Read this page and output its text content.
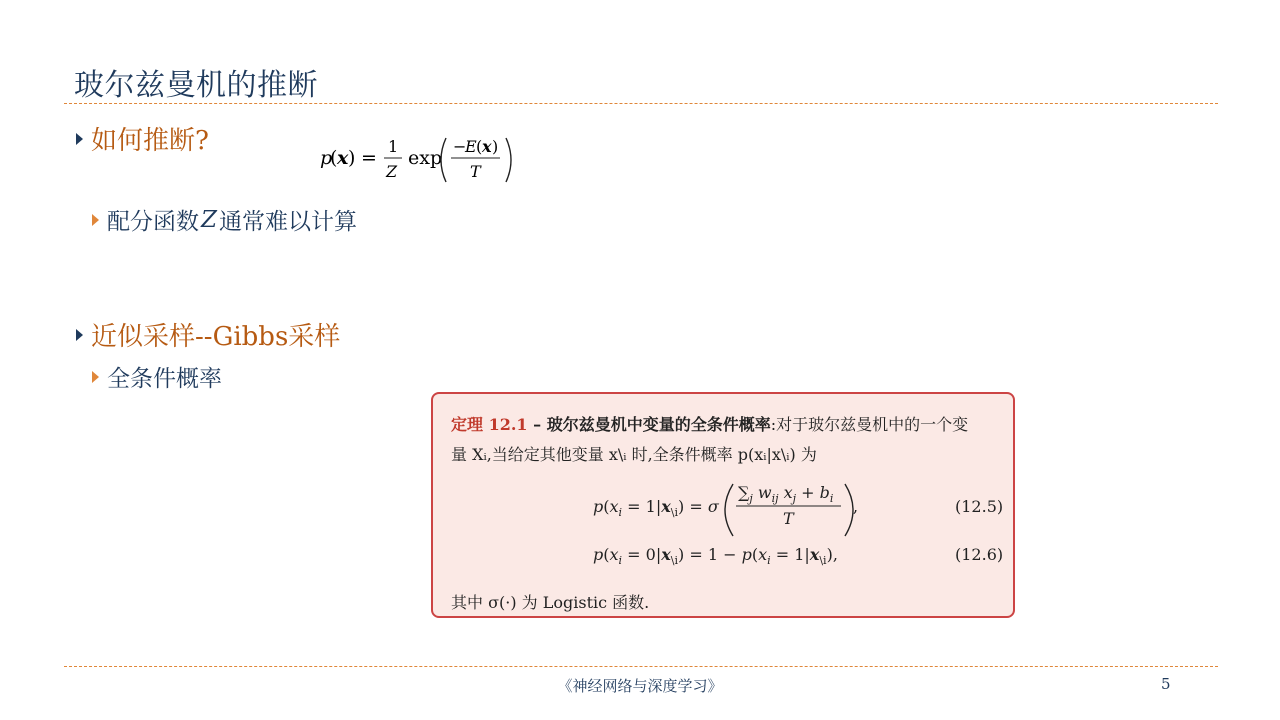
玻尔兹曼机的推断
如何推断?
p
( x ) =
1
Z
exp
−
E ( x )
T
配分函数 Z 通常难以计算
近似采样--Gibbs采样
全条件概率
定理 12.1 – 玻尔兹曼机中变量的全条件概率:对于玻尔兹曼机中的一个变
量 Xᵢ,当给定其他变量 x\ᵢ 时,全条件概率 p(xᵢ|x\ᵢ) 为
$p(x_i = 1|x_{\backslash i}) = \sigma$
$\sum_j$ $w_{ij}$ $x_j + b_i$
T
,	(12.5)
$p(x_i = 0|x_{\backslash i}) = 1 - p(x_i = 1|x_{\backslash i})$,	(12.6)
其中 σ(·) 为 Logistic 函数.
《神经网络与深度学习》	5
